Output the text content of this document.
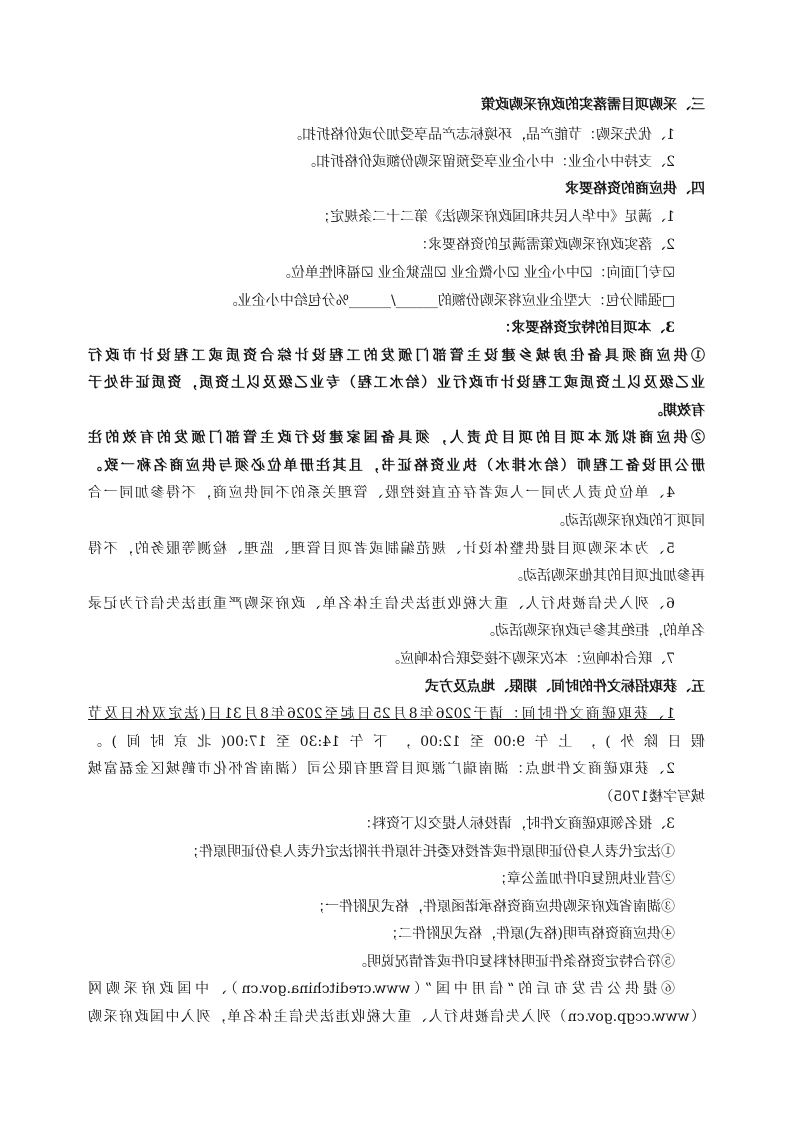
三、采购项目需落实的政府采购政策
1、优先采购：节能产品，环境标志产品享受加分或价格折扣。
2、支持中小企业：中小企业享受预留采购份额或价格折扣。
四、供应商的资格要求
1、满足《中华人民共和国政府采购法》第二十二条规定；
2、落实政府采购政策需满足的资格要求：
☑专门面向：☑中小企业 ☑小微企业 ☑监狱企业 ☑福利性单位。
□强制分包：大型企业应将采购份额的______/______%分包给中小企业。
3、本项目的特定资格要求：
①供应商须具备住房城乡建设主管部门颁发的工程设计综合资质或工程设计市政行
业乙级及以上资质或工程设计市政行业（给水工程）专业乙级及以上资质，资质证书处于
有效期。
②供应商拟派本项目的项目负责人，须具备国家建设行政主管部门颁发的有效的注
册公用设备工程师（给水排水）执业资格证书，且其注册单位必须与供应商名称一致。
4、单位负责人为同一人或者存在直接控股、管理关系的不同供应商，不得参加同一合
同项下的政府采购活动。
5、为本采购项目提供整体设计、规范编制或者项目管理、监理、检测等服务的，不得
再参加此项目的其他采购活动。
6、列入失信被执行人、重大税收违法失信主体名单、政府采购严重违法失信行为记录
名单的，拒绝其参与政府采购活动。
7、联合体响应：本次采购不接受联合体响应。
五、获取招标文件的时间、期限、地点及方式
1、获取磋商文件时间：请于2026年8月25日起至2026年8月31日(法定双休日及节
假日除外)，上午9:00至12:00，下午14:30至17:00(北京时间)。
2、获取磋商文件地点：湖南瑞广源项目管理有限公司（湖南省怀化市鹤城区金磊富城
城写字楼1705）
3、报名领取磋商文件时，请投标人提交以下资料：
①法定代表人身份证明原件或者授权委托书原件并附法定代表人身份证明原件；
②营业执照复印件加盖公章；
③湖南省政府采购供应商资格承诺函原件，格式见附件一；
④供应商资格声明(格式)原件，格式见附件二；
⑤符合特定资格条件证明材料复印件或者情况说明。
⑥提供公告发布后的“信用中国”（www.creditchina.gov.cn）、中国政府采购网
（www.ccgp.gov.cn）列入失信被执行人、重大税收违法失信主体名单，列入中国政府采购
